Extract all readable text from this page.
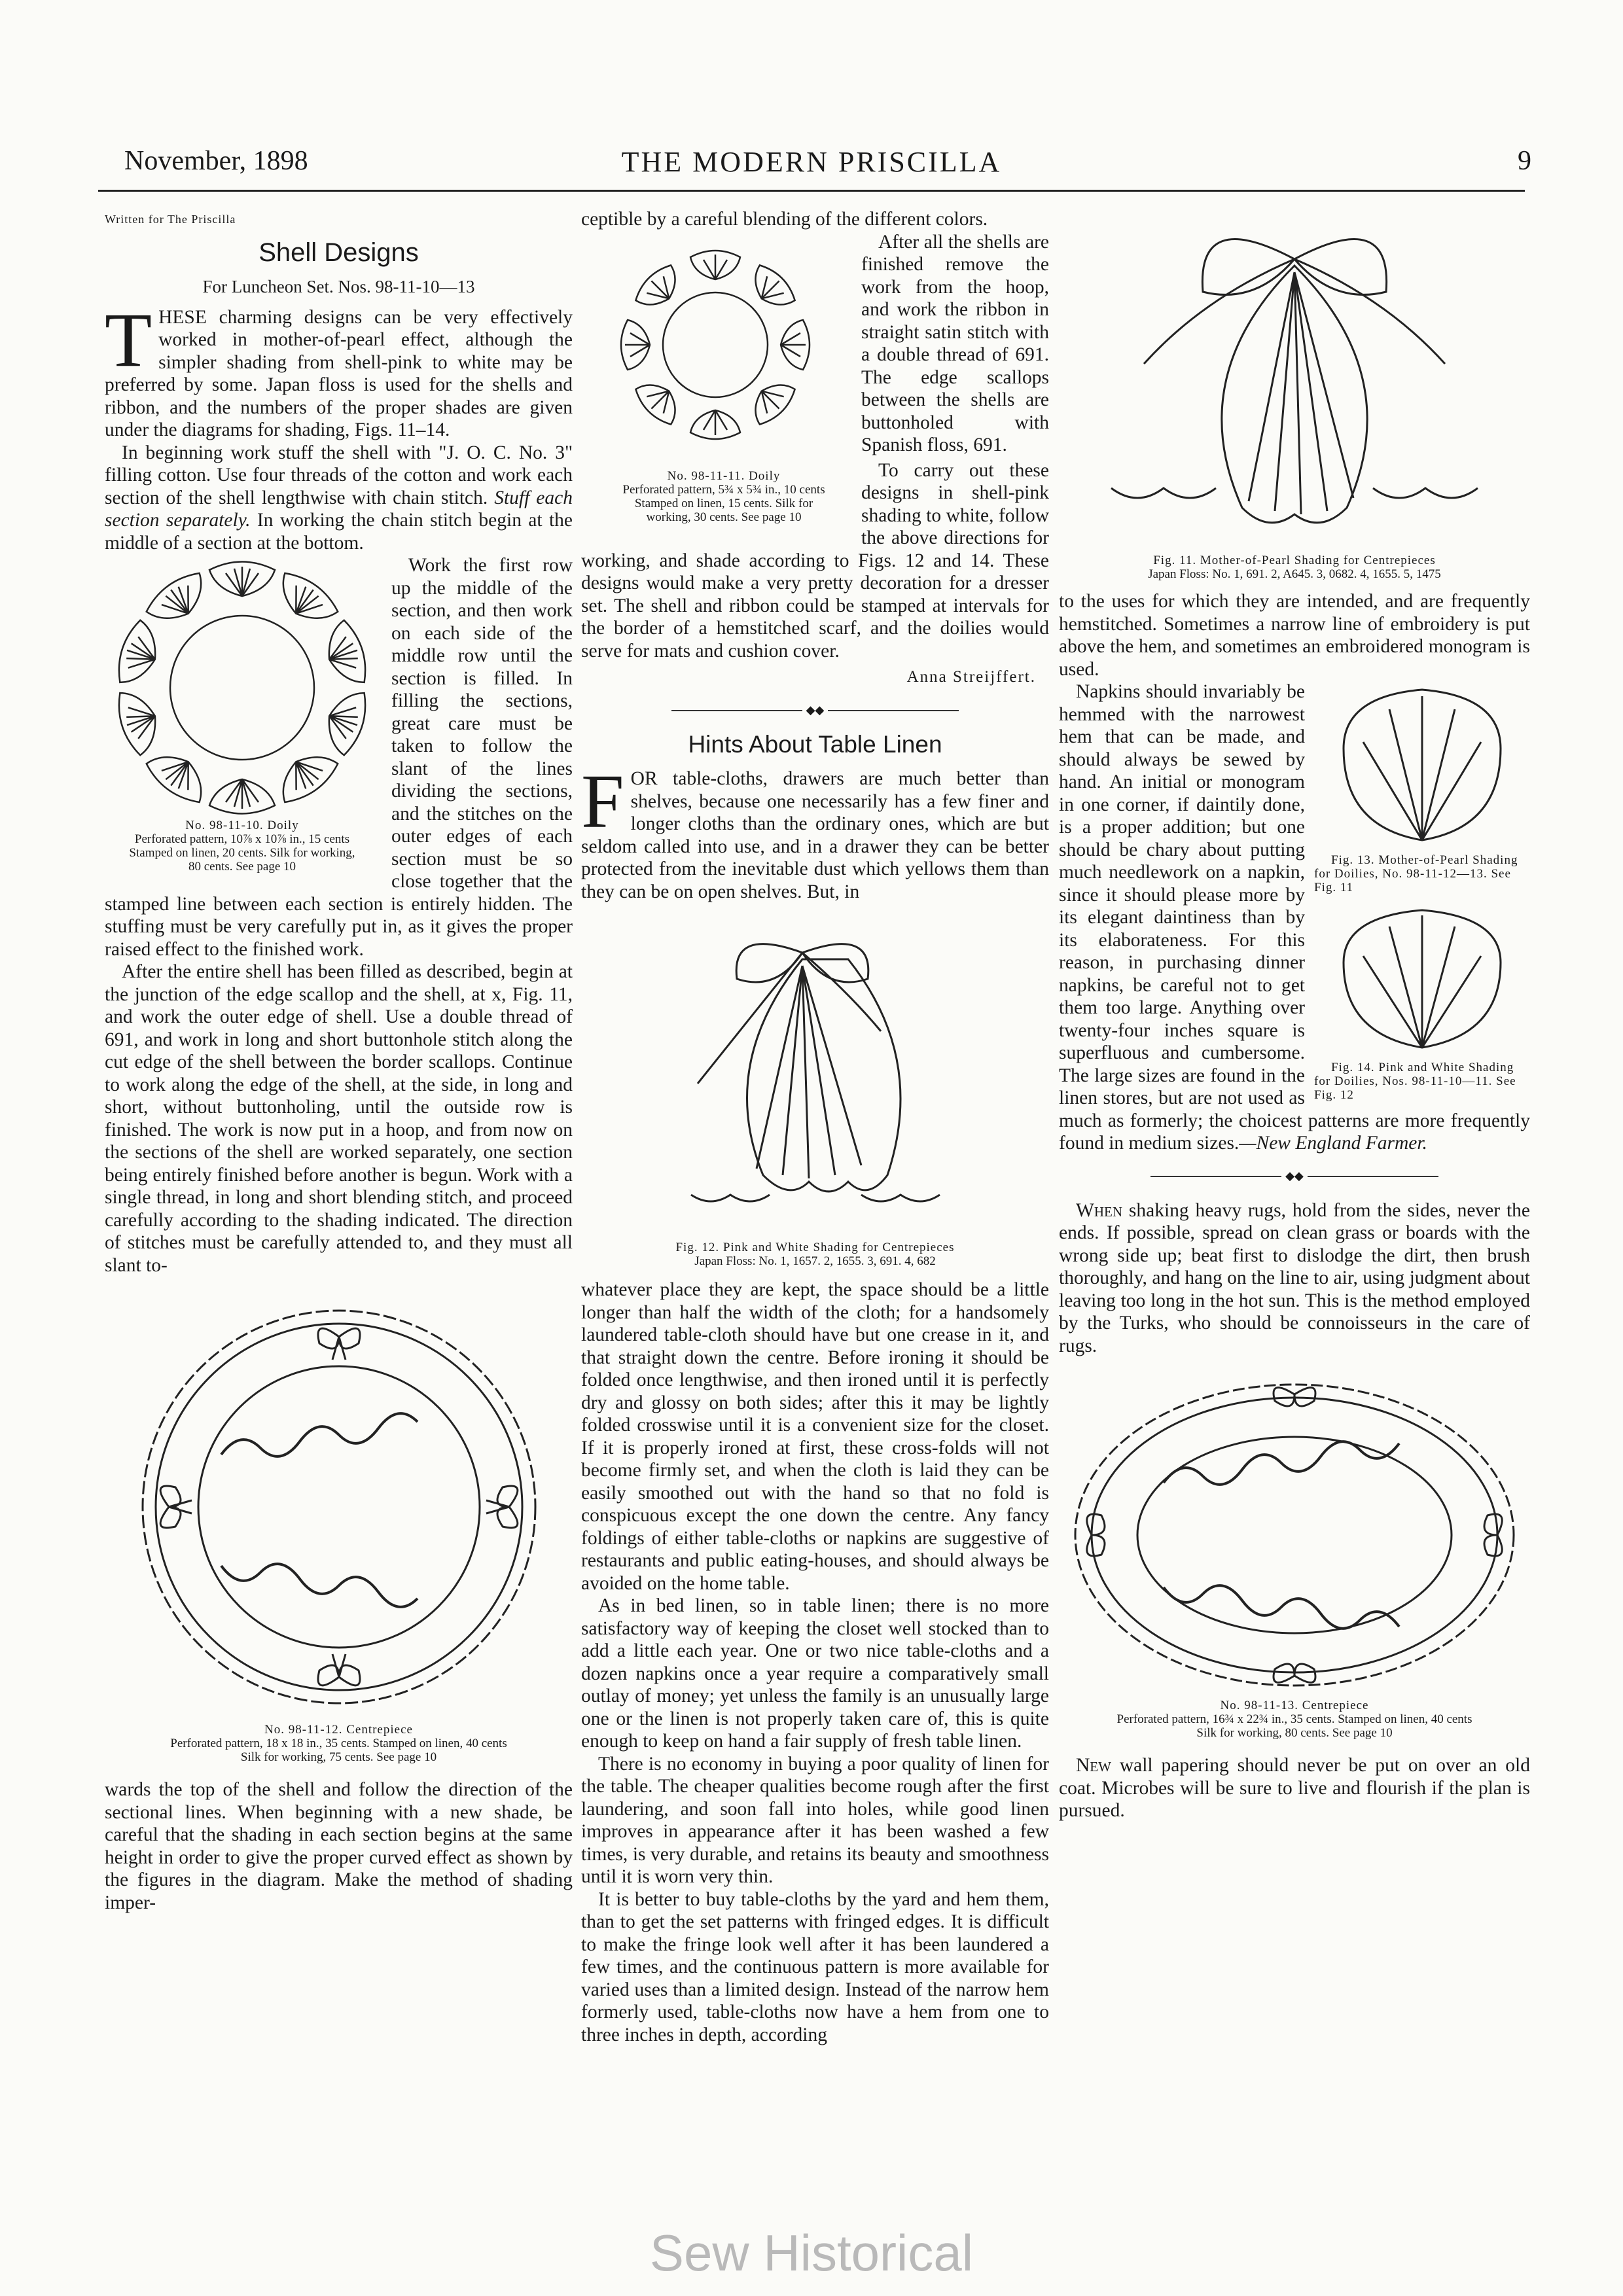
November, 1898	THE MODERN PRISCILLA	9
Written for The Priscilla
Shell Designs
For Luncheon Set. Nos. 98-11-10—13

THESE charming designs can be very effectively worked in mother-of-pearl effect, although the simpler shading from shell-pink to white may be preferred by some. Japan floss is used for the shells and ribbon, and the numbers of the proper shades are given under the diagrams for shading, Figs. 11–14.

In beginning work stuff the shell with "J. O. C. No. 3" filling cotton. Use four threads of the cotton and work each section of the shell lengthwise with chain stitch. Stuff each section separately. In working the chain stitch begin at the middle of a section at the bottom.

No. 98-11-10. Doily
Perforated pattern, 10⅞ x 10⅞ in., 15 cents
Stamped on linen, 20 cents. Silk for working,
80 cents. See page 10

Work the first row up the middle of the section, and then work on each side of the middle row until the section is filled. In filling the sections, great care must be taken to follow the slant of the lines dividing the sections, and the stitches on the outer edges of each section must be so close together that the stamped line between each section is entirely hidden. The stuffing must be very carefully put in, as it gives the proper raised effect to the finished work.

After the entire shell has been filled as described, begin at the junction of the edge scallop and the shell, at x, Fig. 11, and work the outer edge of shell. Use a double thread of 691, and work in long and short buttonhole stitch along the cut edge of the shell between the border scallops. Continue to work along the edge of the shell, at the side, in long and short, without buttonholing, until the outside row is finished. The work is now put in a hoop, and from now on the sections of the shell are worked separately, one section being entirely finished before another is begun. Work with a single thread, in long and short blending stitch, and proceed carefully according to the shading indicated. The direction of stitches must be carefully attended to, and they must all slant to-

No. 98-11-12. Centrepiece
Perforated pattern, 18 x 18 in., 35 cents. Stamped on linen, 40 cents
Silk for working, 75 cents. See page 10

wards the top of the shell and follow the direction of the sectional lines. When beginning with a new shade, be careful that the shading in each section begins at the same height in order to give the proper curved effect as shown by the figures in the diagram. Make the method of shading imper-

ceptible by a careful blending of the different colors.

No. 98-11-11. Doily
Perforated pattern, 5¾ x 5¾ in., 10 cents
Stamped on linen, 15 cents. Silk for
working, 30 cents. See page 10
After all the shells are finished remove the work from the hoop, and work the ribbon in straight satin stitch with a double thread of 691. The edge scallops between the shells are buttonholed with Spanish floss, 691.

To carry out these designs in shell-pink shading to white, follow the above directions for working, and shade according to Figs. 12 and 14. These designs would make a very pretty decoration for a dresser set. The shell and ribbon could be stamped at intervals for the border of a hemstitched scarf, and the doilies would serve for mats and cushion cover.

Anna Streijffert.
◆◆
Hints About Table Linen

FOR table-cloths, drawers are much better than shelves, because one necessarily has a few finer and longer cloths than the ordinary ones, which are but seldom called into use, and in a drawer they can be better protected from the inevitable dust which yellows them than they can be on open shelves. But, in

Fig. 12. Pink and White Shading for Centrepieces
Japan Floss: No. 1, 1657. 2, 1655. 3, 691. 4, 682

whatever place they are kept, the space should be a little longer than half the width of the cloth; for a handsomely laundered table-cloth should have but one crease in it, and that straight down the centre. Before ironing it should be folded once lengthwise, and then ironed until it is perfectly dry and glossy on both sides; after this it may be lightly folded crosswise until it is a convenient size for the closet. If it is properly ironed at first, these cross-folds will not become firmly set, and when the cloth is laid they can be easily smoothed out with the hand so that no fold is conspicuous except the one down the centre. Any fancy foldings of either table-cloths or napkins are suggestive of restaurants and public eating-houses, and should always be avoided on the home table.

As in bed linen, so in table linen; there is no more satisfactory way of keeping the closet well stocked than to add a little each year. One or two nice table-cloths and a dozen napkins once a year require a comparatively small outlay of money; yet unless the family is an unusually large one or the linen is not properly taken care of, this is quite enough to keep on hand a fair supply of fresh table linen.

There is no economy in buying a poor quality of linen for the table. The cheaper qualities become rough after the first laundering, and soon fall into holes, while good linen improves in appearance after it has been washed a few times, is very durable, and retains its beauty and smoothness until it is worn very thin.

It is better to buy table-cloths by the yard and hem them, than to get the set patterns with fringed edges. It is difficult to make the fringe look well after it has been laundered a few times, and the continuous pattern is more available for varied uses than a limited design. Instead of the narrow hem formerly used, table-cloths now have a hem from one to three inches in depth, according

Fig. 11. Mother-of-Pearl Shading for Centrepieces
Japan Floss: No. 1, 691. 2, A645. 3, 0682. 4, 1655. 5, 1475

to the uses for which they are intended, and are frequently hemstitched. Sometimes a narrow line of embroidery is put above the hem, and sometimes an embroidered monogram is used.

Fig. 13. Mother-of-Pearl Shading for Doilies, No. 98-11-12—13. See Fig. 11
Fig. 14. Pink and White Shading for Doilies, Nos. 98-11-10—11. See Fig. 12
Napkins should invariably be hemmed with the narrowest hem that can be made, and should always be sewed by hand. An initial or monogram in one corner, if daintily done, is a proper addition; but one should be chary about putting much needlework on a napkin, since it should please more by its elegant daintiness than by its elaborateness. For this reason, in purchasing dinner napkins, be careful not to get them too large. Anything over twenty-four inches square is superfluous and cumbersome. The large sizes are found in the linen stores, but are not used as much as formerly; the choicest patterns are more frequently found in medium sizes.—New England Farmer.

◆◆

When shaking heavy rugs, hold from the sides, never the ends. If possible, spread on clean grass or boards with the wrong side up; beat first to dislodge the dirt, then brush thoroughly, and hang on the line to air, using judgment about leaving too long in the hot sun. This is the method employed by the Turks, who should be connoisseurs in the care of rugs.

No. 98-11-13. Centrepiece
Perforated pattern, 16¾ x 22¾ in., 35 cents. Stamped on linen, 40 cents
Silk for working, 80 cents. See page 10

New wall papering should never be put on over an old coat. Microbes will be sure to live and flourish if the plan is pursued.

Sew Historical
